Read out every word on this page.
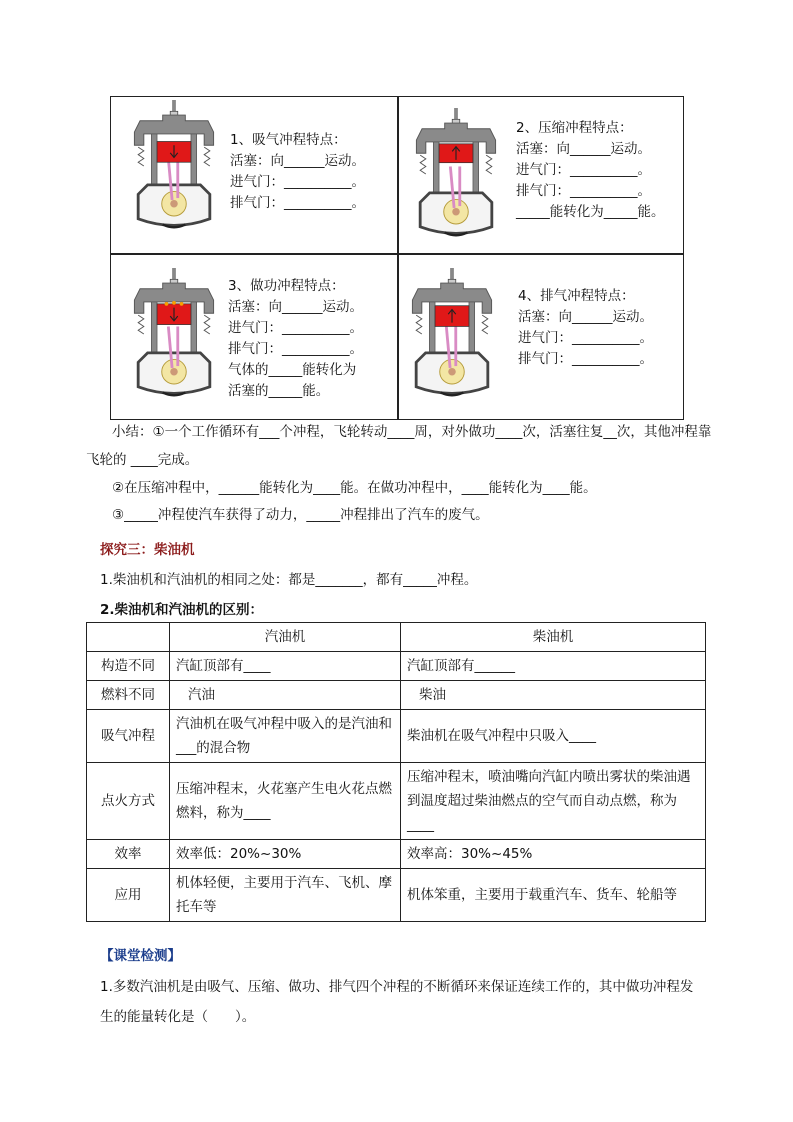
1、吸气冲程特点：
活塞：向______运动。
进气门：__________。
排气门：__________。
2、压缩冲程特点：
活塞：向______运动。
进气门：__________。
排气门：__________。
_____能转化为_____能。
3、做功冲程特点：
活塞：向______运动。
进气门：__________。
排气门：__________。
气体的_____能转化为
活塞的_____能。
4、排气冲程特点：
活塞：向______运动。
进气门：__________。
排气门：__________。
小结：①一个工作循环有___个冲程，飞轮转动____周，对外做功____次，活塞往复__次，其他冲程靠
飞轮的 ____完成。
②在压缩冲程中，______能转化为____能。在做功冲程中，____能转化为____能。
③_____冲程使汽车获得了动力，_____冲程排出了汽车的废气。
探究三：柴油机
1.柴油机和汽油机的相同之处：都是_______，都有_____冲程。
2.柴油机和汽油机的区别：
	汽油机	柴油机
构造不同	汽缸顶部有____	汽缸顶部有______
燃料不同	汽油	柴油
吸气冲程	汽油机在吸气冲程中吸入的是汽油和___的混合物	柴油机在吸气冲程中只吸入____
点火方式	压缩冲程末，火花塞产生电火花点燃燃料，称为____	压缩冲程末，喷油嘴向汽缸内喷出雾状的柴油遇到温度超过柴油燃点的空气而自动点燃，称为____
效率	效率低：20%~30%	效率高：30%~45%
应用	机体轻便，主要用于汽车、飞机、摩托车等	机体笨重，主要用于载重汽车、货车、轮船等
【课堂检测】
1.多数汽油机是由吸气、压缩、做功、排气四个冲程的不断循环来保证连续工作的，其中做功冲程发
生的能量转化是（　　）。
